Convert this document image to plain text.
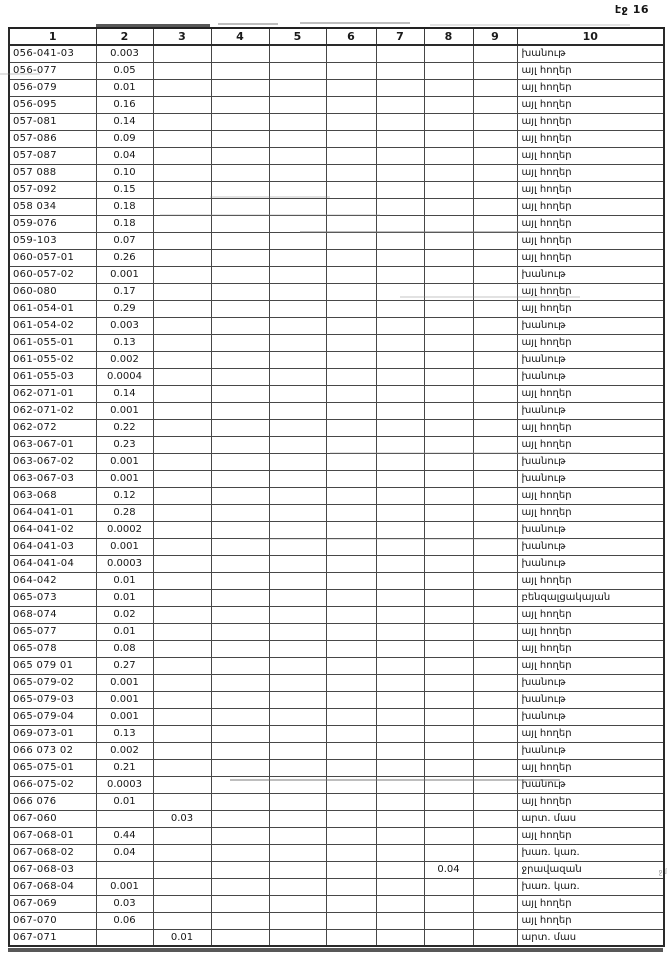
էջ 16
ջմ
1	2	3	4	5	6	7	8	9	10
056-041-03	0.003								խանութ
056-077	0.05								այլ հողեր
056-079	0.01								այլ հողեր
056-095	0.16								այլ հողեր
057-081	0.14								այլ հողեր
057-086	0.09								այլ հողեր
057-087	0.04								այլ հողեր
057 088	0.10								այլ հողեր
057-092	0.15								այլ հողեր
058 034	0.18								այլ հողեր
059-076	0.18								այլ հողեր
059-103	0.07								այլ հողեր
060-057-01	0.26								այլ հողեր
060-057-02	0.001								խանութ
060-080	0.17								այլ հողեր
061-054-01	0.29								այլ հողեր
061-054-02	0.003								խանութ
061-055-01	0.13								այլ հողեր
061-055-02	0.002								խանութ
061-055-03	0.0004								խանութ
062-071-01	0.14								այլ հողեր
062-071-02	0.001								խանութ
062-072	0.22								այլ հողեր
063-067-01	0.23								այլ հողեր
063-067-02	0.001								խանութ
063-067-03	0.001								խանութ
063-068	0.12								այլ հողեր
064-041-01	0.28								այլ հողեր
064-041-02	0.0002								խանութ
064-041-03	0.001								խանութ
064-041-04	0.0003								խանութ
064-042	0.01								այլ հողեր
065-073	0.01								բենզալցակայան
068-074	0.02								այլ հողեր
065-077	0.01								այլ հողեր
065-078	0.08								այլ հողեր
065 079 01	0.27								այլ հողեր
065-079-02	0.001								խանութ
065-079-03	0.001								խանութ
065-079-04	0.001								խանութ
069-073-01	0.13								այլ հողեր
066 073 02	0.002								խանութ
065-075-01	0.21								այլ հողեր
066-075-02	0.0003								խանութ
066 076	0.01								այլ հողեր
067-060		0.03							արտ. մաս
067-068-01	0.44								այլ հողեր
067-068-02	0.04								խառ. կառ.
067-068-03							0.04		ջրավազան
067-068-04	0.001								խառ. կառ.
067-069	0.03								այլ հողեր
067-070	0.06								այլ հողեր
067-071		0.01							արտ. մաս
